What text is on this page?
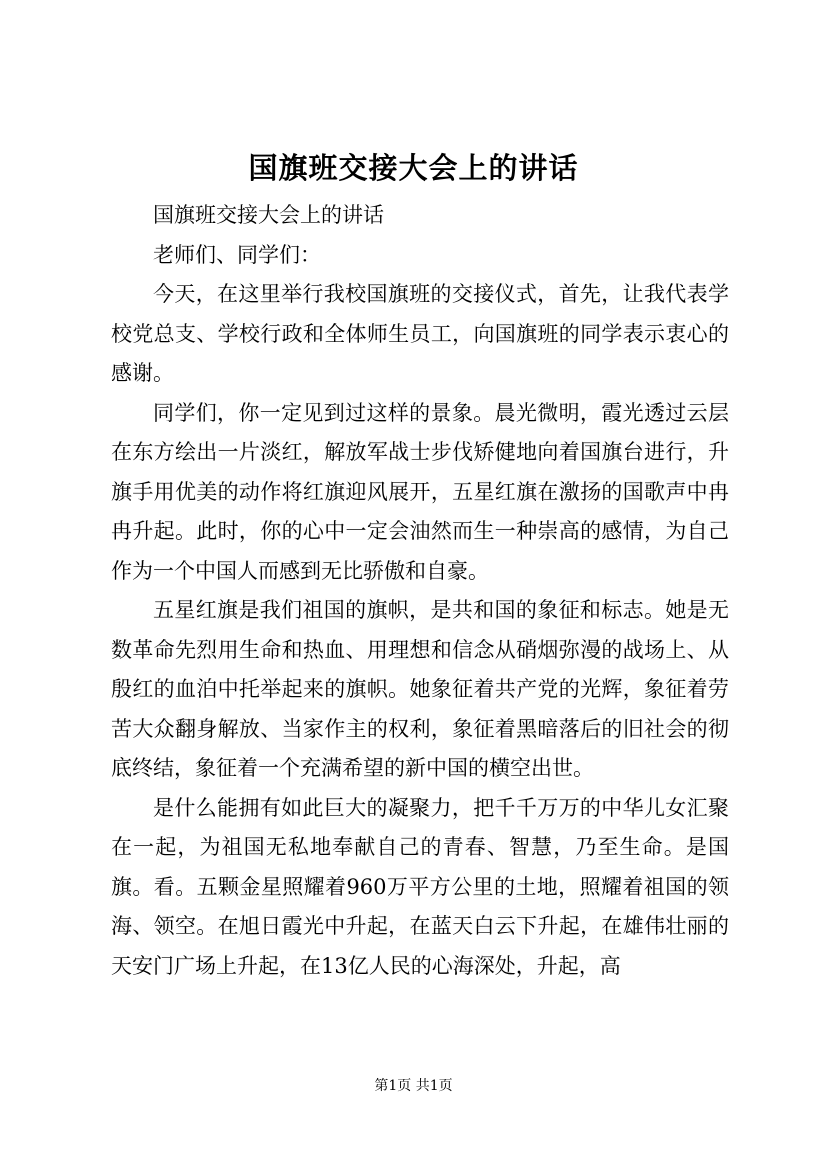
国旗班交接大会上的讲话

国旗班交接大会上的讲话

老师们、同学们：

今天，在这里举行我校国旗班的交接仪式，首先，让我代表学校党总支、学校行政和全体师生员工，向国旗班的同学表示衷心的感谢。

同学们，你一定见到过这样的景象。晨光微明，霞光透过云层在东方绘出一片淡红，解放军战士步伐矫健地向着国旗台进行，升旗手用优美的动作将红旗迎风展开，五星红旗在激扬的国歌声中冉冉升起。此时，你的心中一定会油然而生一种崇高的感情，为自己作为一个中国人而感到无比骄傲和自豪。

五星红旗是我们祖国的旗帜，是共和国的象征和标志。她是无数革命先烈用生命和热血、用理想和信念从硝烟弥漫的战场上、从殷红的血泊中托举起来的旗帜。她象征着共产党的光辉，象征着劳苦大众翻身解放、当家作主的权利，象征着黑暗落后的旧社会的彻底终结，象征着一个充满希望的新中国的横空出世。

是什么能拥有如此巨大的凝聚力，把千千万万的中华儿女汇聚在一起，为祖国无私地奉献自己的青春、智慧，乃至生命。是国旗。看。五颗金星照耀着960万平方公里的土地，照耀着祖国的领海、领空。在旭日霞光中升起，在蓝天白云下升起，在雄伟壮丽的天安门广场上升起，在13亿人民的心海深处，升起，高

第1页 共1页
